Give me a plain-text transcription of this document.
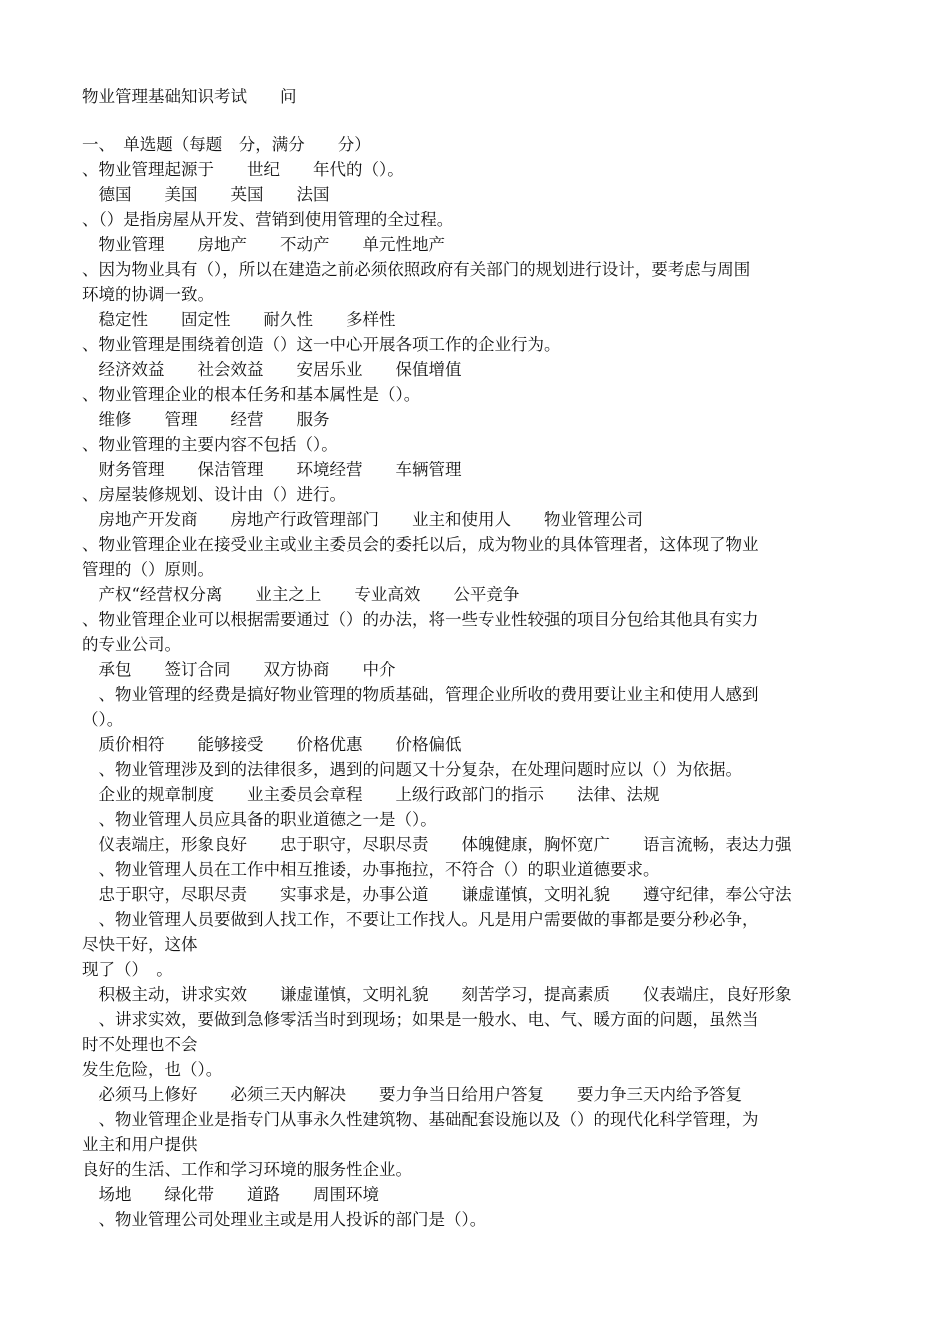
物业管理基础知识考试　　问

一、　单选题（每题　分，满分　　分）

、物业管理起源于　　世纪　　年代的（）。

　德国　　美国　　英国　　法国

、（）是指房屋从开发、营销到使用管理的全过程。

　物业管理　　房地产　　不动产　　单元性地产

、因为物业具有（），所以在建造之前必须依照政府有关部门的规划进行设计，要考虑与周围

环境的协调一致。

　稳定性　　固定性　　耐久性　　多样性

、物业管理是围绕着创造（）这一中心开展各项工作的企业行为。

　经济效益　　社会效益　　安居乐业　　保值增值

、物业管理企业的根本任务和基本属性是（）。

　维修　　管理　　经营　　服务

、物业管理的主要内容不包括（）。

　财务管理　　保洁管理　　环境经营　　车辆管理

、房屋装修规划、设计由（）进行。

　房地产开发商　　房地产行政管理部门　　业主和使用人　　物业管理公司

、物业管理企业在接受业主或业主委员会的委托以后，成为物业的具体管理者，这体现了物业

管理的（）原则。

　产权“经营权分离　　业主之上　　专业高效　　公平竞争

、物业管理企业可以根据需要通过（）的办法，将一些专业性较强的项目分包给其他具有实力

的专业公司。

　承包　　签订合同　　双方协商　　中介

　、物业管理的经费是搞好物业管理的物质基础，管理企业所收的费用要让业主和使用人感到

（）。

　质价相符　　能够接受　　价格优惠　　价格偏低

　、物业管理涉及到的法律很多，遇到的问题又十分复杂，在处理问题时应以（）为依据。

　企业的规章制度　　业主委员会章程　　上级行政部门的指示　　法律、法规

　、物业管理人员应具备的职业道德之一是（）。

　仪表端庄，形象良好　　忠于职守，尽职尽责　　体魄健康，胸怀宽广　　语言流畅，表达力强

　、物业管理人员在工作中相互推诿，办事拖拉，不符合（）的职业道德要求。

　忠于职守，尽职尽责　　实事求是，办事公道　　谦虚谨慎，文明礼貌　　遵守纪律，奉公守法

　、物业管理人员要做到人找工作，不要让工作找人。凡是用户需要做的事都是要分秒必争，

尽快干好，这体

现了（）　。

　积极主动，讲求实效　　谦虚谨慎，文明礼貌　　刻苦学习，提高素质　　仪表端庄，良好形象

　、讲求实效，要做到急修零活当时到现场；如果是一般水、电、气、暖方面的问题，虽然当

时不处理也不会

发生危险，也（）。

　必须马上修好　　必须三天内解决　　要力争当日给用户答复　　要力争三天内给予答复

　、物业管理企业是指专门从事永久性建筑物、基础配套设施以及（）的现代化科学管理，为

业主和用户提供

良好的生活、工作和学习环境的服务性企业。

　场地　　绿化带　　道路　　周围环境

　、物业管理公司处理业主或是用人投诉的部门是（）。
